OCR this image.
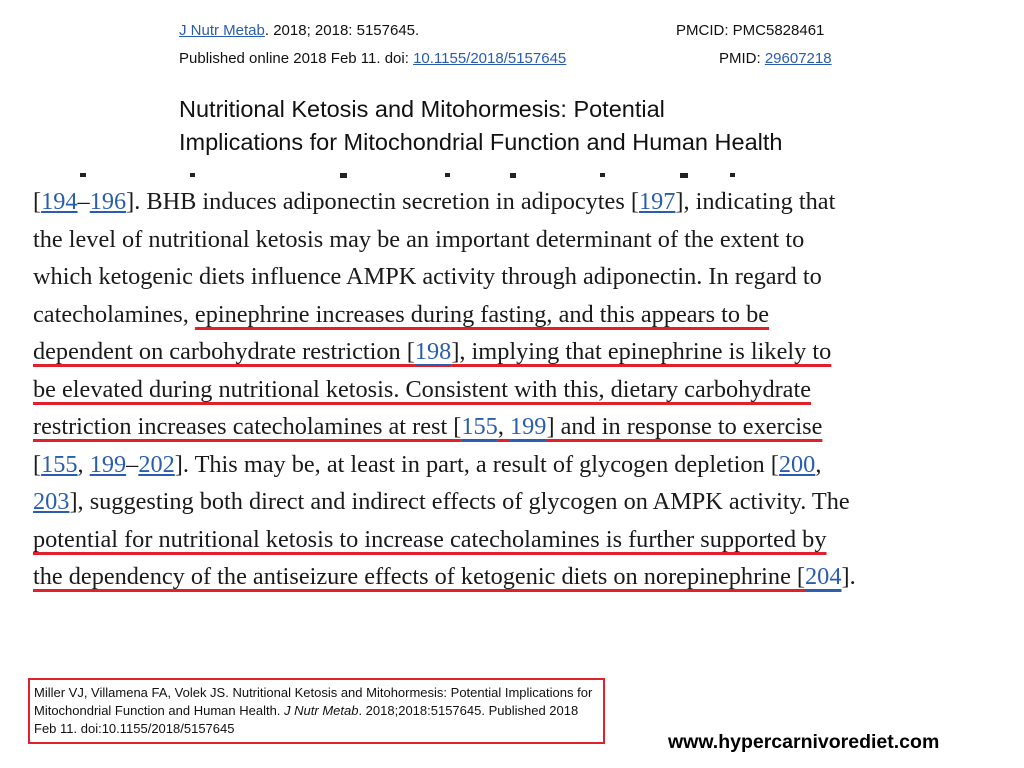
J Nutr Metab. 2018; 2018: 5157645.
Published online 2018 Feb 11. doi: 10.1155/2018/5157645
PMCID: PMC5828461
PMID: 29607218
Nutritional Ketosis and Mitohormesis: Potential
Implications for Mitochondrial Function and Human Health
[194–196]. BHB induces adiponectin secretion in adipocytes [197], indicating that
the level of nutritional ketosis may be an important determinant of the extent to
which ketogenic diets influence AMPK activity through adiponectin. In regard to
catecholamines, epinephrine increases during fasting, and this appears to be
dependent on carbohydrate restriction [198], implying that epinephrine is likely to
be elevated during nutritional ketosis. Consistent with this, dietary carbohydrate
restriction increases catecholamines at rest [155, 199] and in response to exercise
[155, 199–202]. This may be, at least in part, a result of glycogen depletion [200,
203], suggesting both direct and indirect effects of glycogen on AMPK activity. The
potential for nutritional ketosis to increase catecholamines is further supported by
the dependency of the antiseizure effects of ketogenic diets on norepinephrine [204].
Miller VJ, Villamena FA, Volek JS. Nutritional Ketosis and Mitohormesis: Potential Implications for Mitochondrial Function and Human Health. J Nutr Metab. 2018;2018:5157645. Published 2018 Feb 11. doi:10.1155/2018/5157645
www.hypercarnivorediet.com
